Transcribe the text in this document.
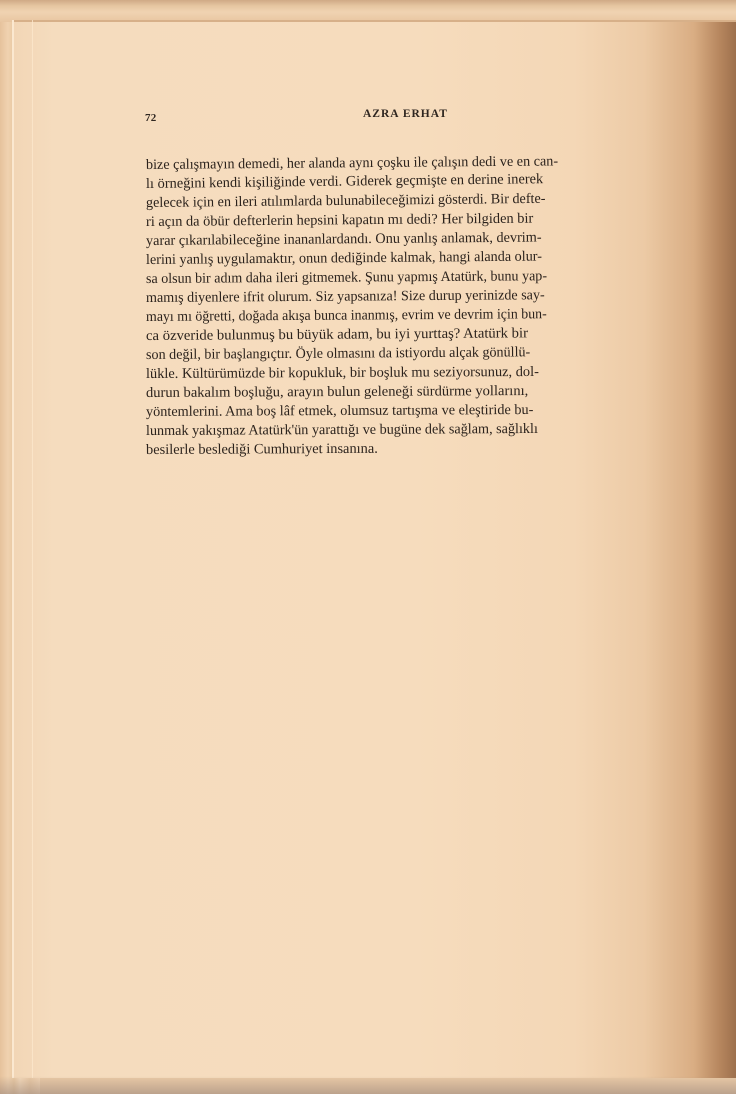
72	AZRA ERHAT
bize çalışmayın demedi, her alanda aynı çoşku ile çalışın dedi ve en can-
lı örneğini kendi kişiliğinde verdi. Giderek geçmişte en derine inerek
gelecek için en ileri atılımlarda bulunabileceğimizi gösterdi. Bir defte-
ri açın da öbür defterlerin hepsini kapatın mı dedi? Her bilgiden bir
yarar çıkarılabileceğine inananlardandı. Onu yanlış anlamak, devrim-
lerini yanlış uygulamaktır, onun dediğinde kalmak, hangi alanda olur-
sa olsun bir adım daha ileri gitmemek. Şunu yapmış Atatürk, bunu yap-
mamış diyenlere ifrit olurum. Siz yapsanıza! Size durup yerinizde say-
mayı mı öğretti, doğada akışa bunca inanmış, evrim ve devrim için bun-
ca özveride bulunmuş bu büyük adam, bu iyi yurttaş? Atatürk bir
son değil, bir başlangıçtır. Öyle olmasını da istiyordu alçak gönüllü-
lükle. Kültürümüzde bir kopukluk, bir boşluk mu seziyorsunuz, dol-
durun bakalım boşluğu, arayın bulun geleneği sürdürme yollarını,
yöntemlerini. Ama boş lâf etmek, olumsuz tartışma ve eleştiride bu-
lunmak yakışmaz Atatürk'ün yarattığı ve bugüne dek sağlam, sağlıklı
besilerle beslediği Cumhuriyet insanına.
